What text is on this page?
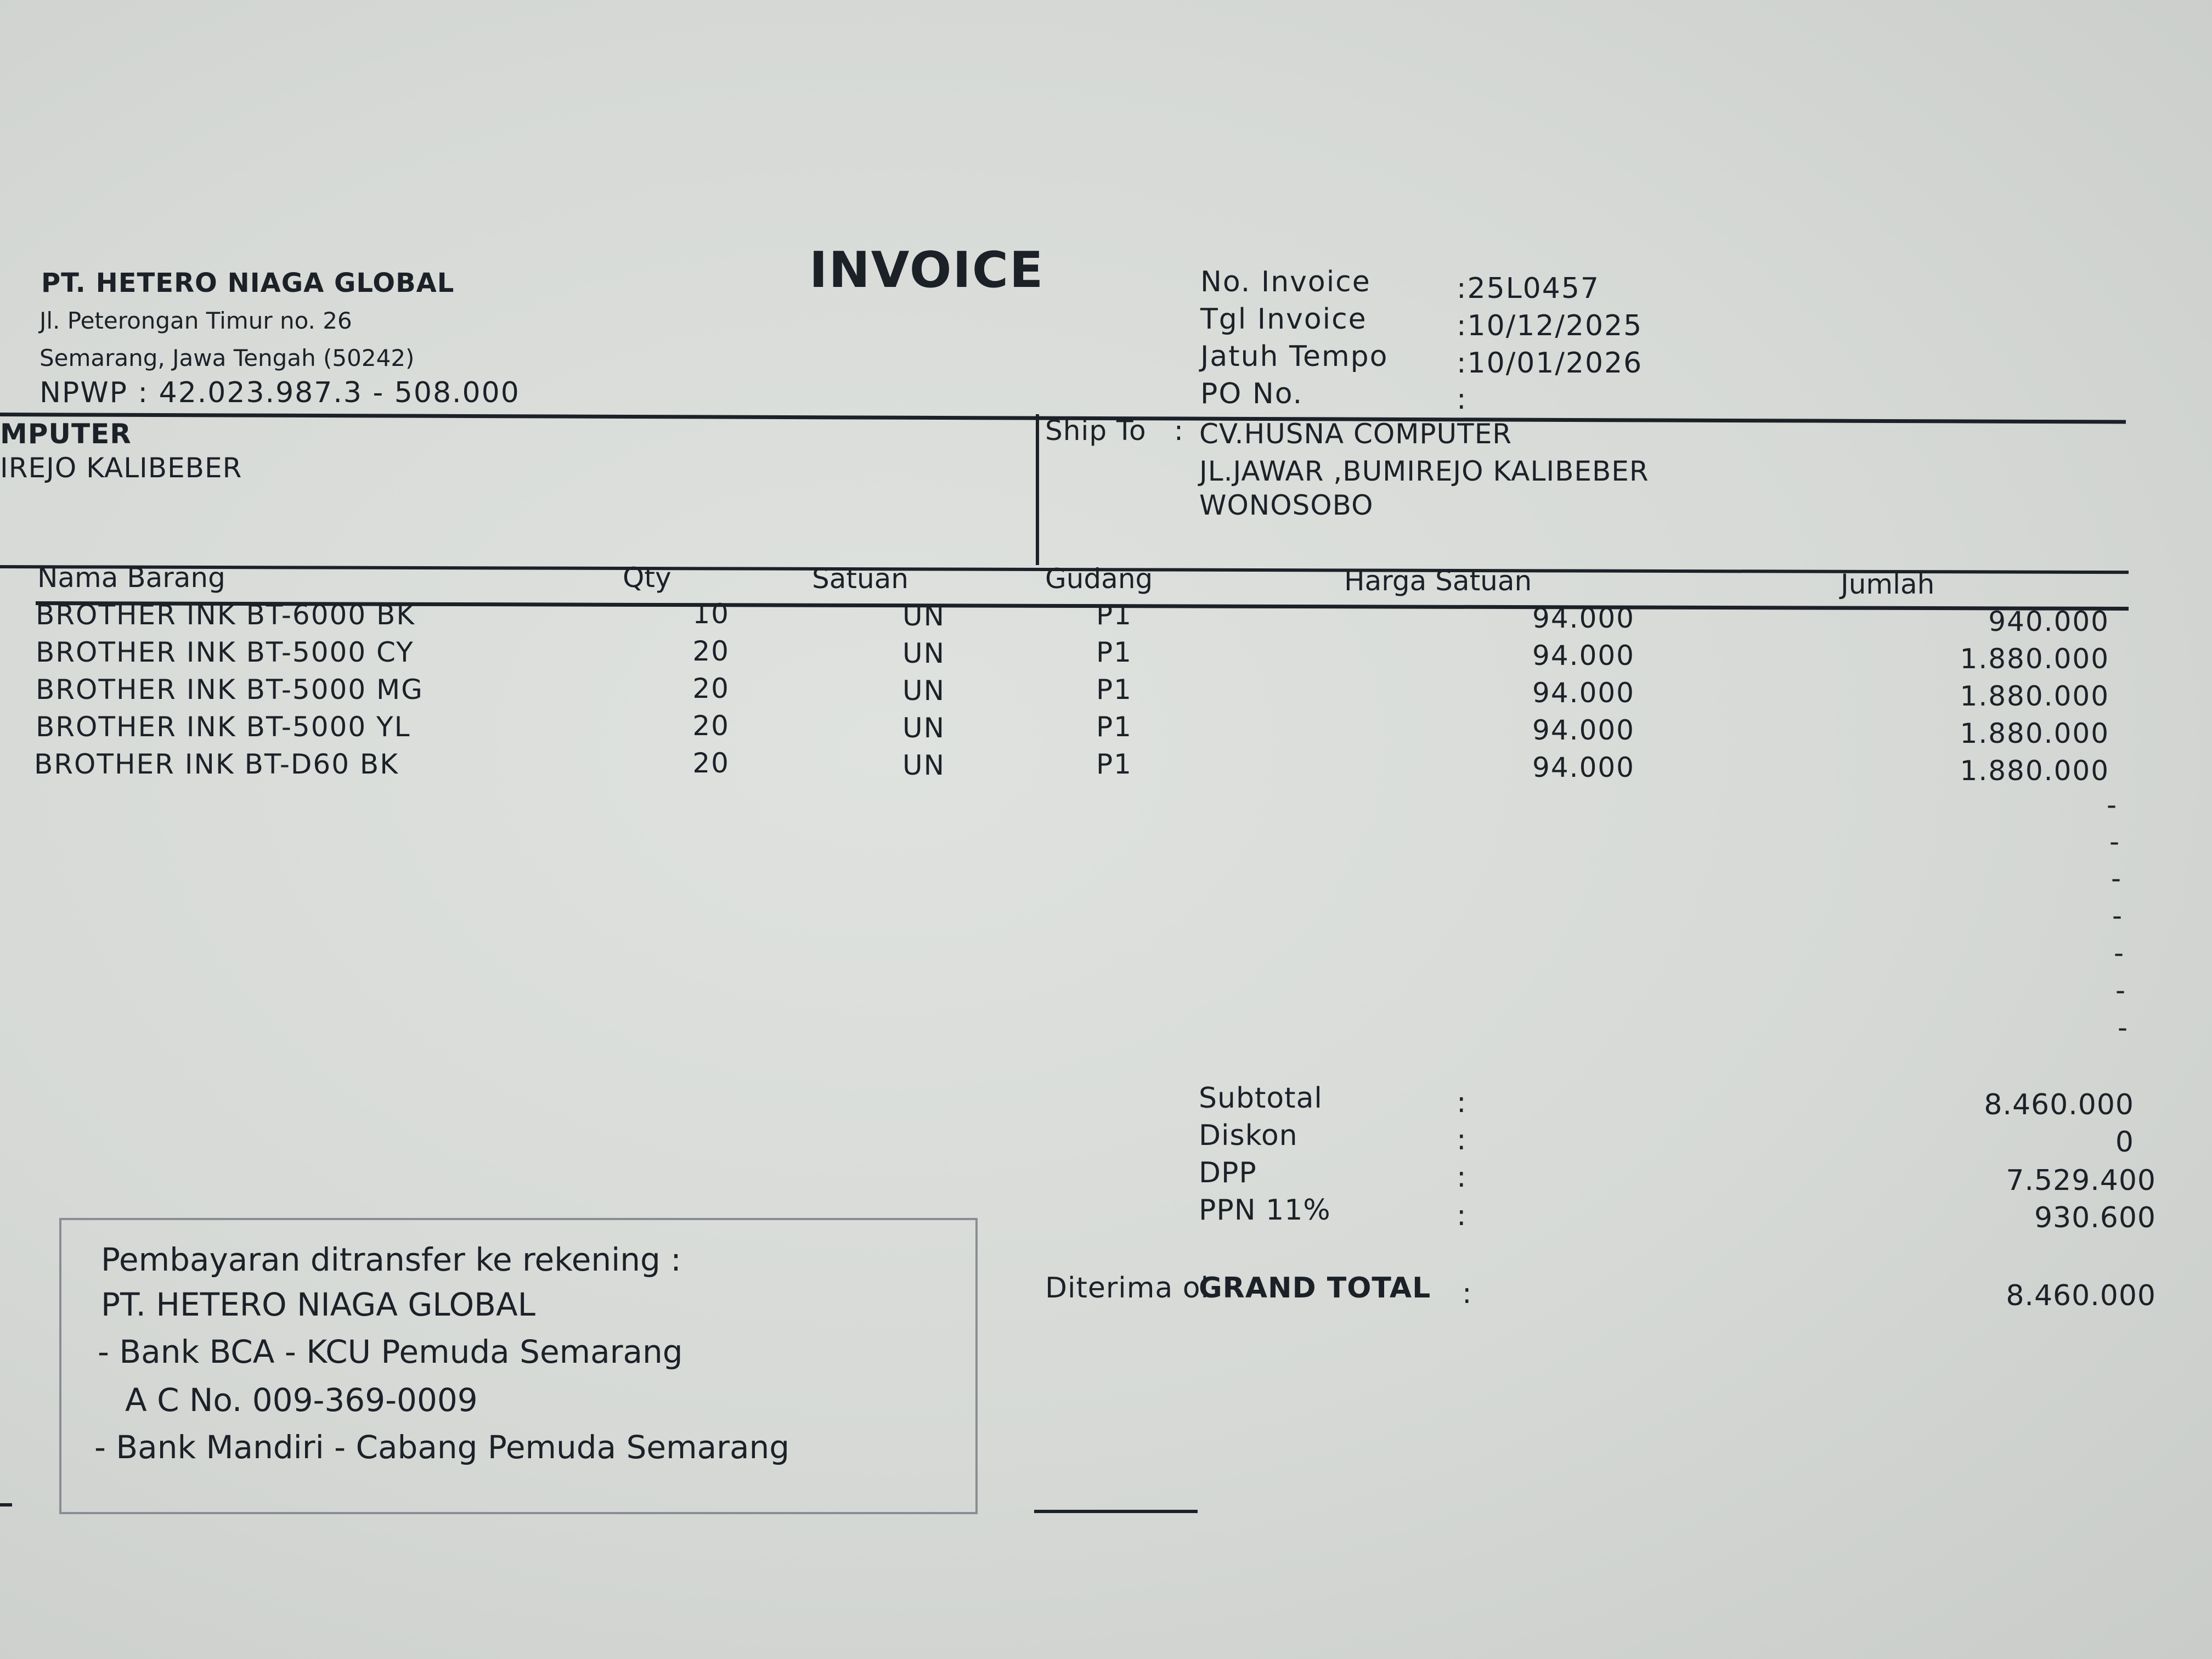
PT. HETERO NIAGA GLOBAL
Jl. Peterongan Timur no. 26
Semarang, Jawa Tengah (50242)
NPWP : 42.023.987.3 - 508.000
INVOICE	No. Invoice	:25L0457
Tgl Invoice	:10/12/2025
Jatuh Tempo :10/01/2026
PO No.	:
MPUTER
IREJO KALIBEBER
Ship To : CV.HUSNA COMPUTER
JL.JAWAR ,BUMIREJO KALIBEBER
WONOSOBO
Nama Barang	Qty	Satuan	Gudang	Harga Satuan	Jumlah
BROTHER INK BT-6000 BK	10	UN	P1	94.000	940.000
BROTHER INK BT-5000 CY	20	UN	P1	94.000	1.880.000
BROTHER INK BT-5000 MG	20	UN	P1	94.000	1.880.000
BROTHER INK BT-5000 YL	20	UN	P1	94.000	1.880.000
BROTHER INK BT-D60 BK	20	UN	P1	94.000	1.880.000
-
-
-
-
-
-
-
Subtotal	:	8.460.000
Diskon	:	0
DPP	:	7.529.400
PPN 11%	:	930.600
Diterima ol
GRAND TOTAL :	8.460.000
Pembayaran ditransfer ke rekening :
PT. HETERO NIAGA GLOBAL
- Bank BCA - KCU Pemuda Semarang
A C No. 009-369-0009
- Bank Mandiri - Cabang Pemuda Semarang
